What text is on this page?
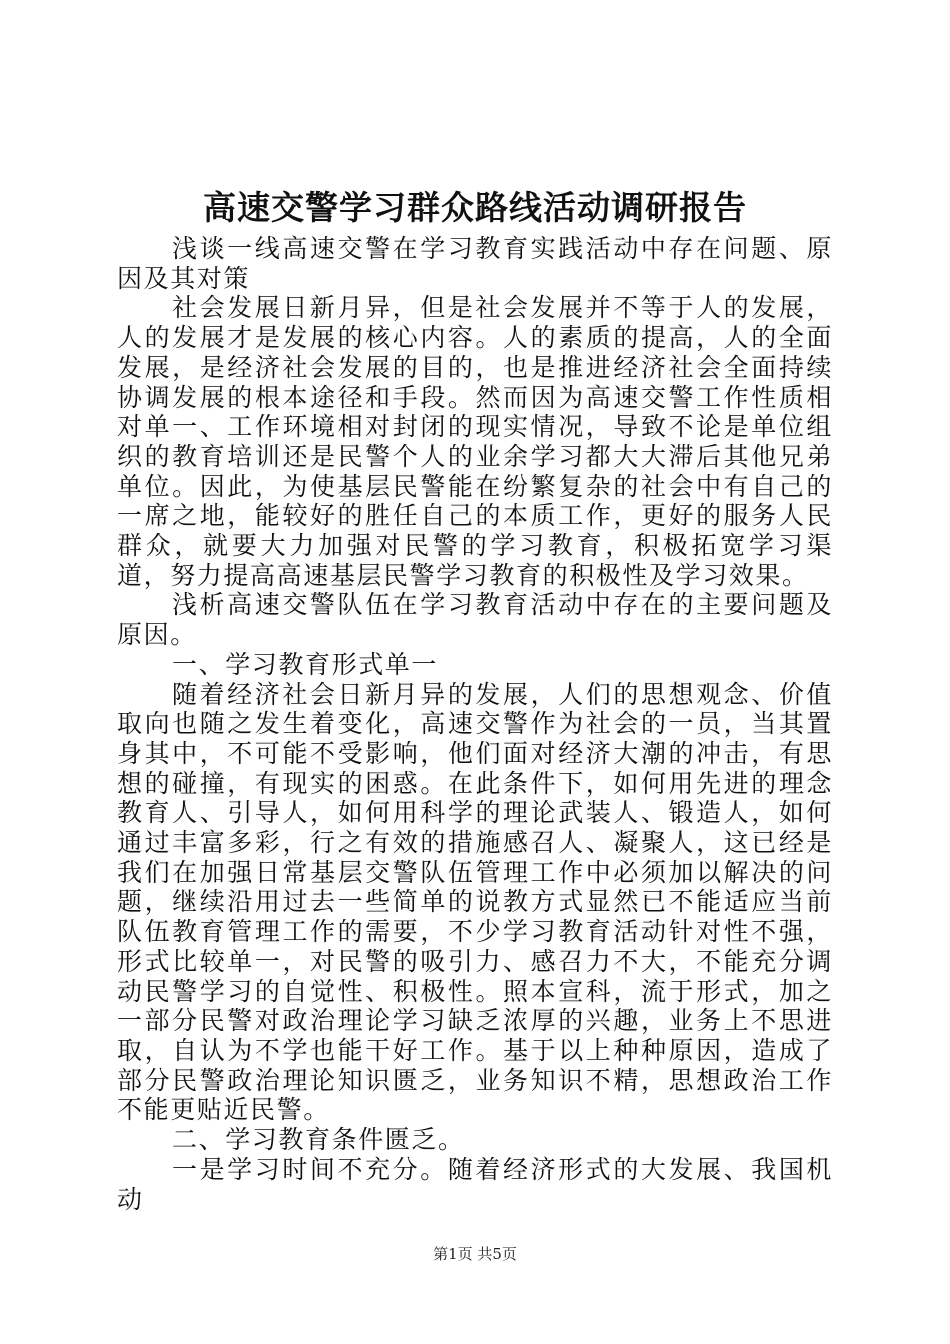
高速交警学习群众路线活动调研报告

浅谈一线高速交警在学习教育实践活动中存在问题、原因及其对策

社会发展日新月异，但是社会发展并不等于人的发展，人的发展才是发展的核心内容。人的素质的提高，人的全面发展，是经济社会发展的目的，也是推进经济社会全面持续协调发展的根本途径和手段。然而因为高速交警工作性质相对单一、工作环境相对封闭的现实情况，导致不论是单位组织的教育培训还是民警个人的业余学习都大大滞后其他兄弟单位。因此，为使基层民警能在纷繁复杂的社会中有自己的一席之地，能较好的胜任自己的本质工作，更好的服务人民群众，就要大力加强对民警的学习教育，积极拓宽学习渠道，努力提高高速基层民警学习教育的积极性及学习效果。

浅析高速交警队伍在学习教育活动中存在的主要问题及原因。

一、学习教育形式单一

随着经济社会日新月异的发展，人们的思想观念、价值取向也随之发生着变化，高速交警作为社会的一员，当其置身其中，不可能不受影响，他们面对经济大潮的冲击，有思想的碰撞，有现实的困惑。在此条件下，如何用先进的理念教育人、引导人，如何用科学的理论武装人、锻造人，如何通过丰富多彩，行之有效的措施感召人、凝聚人，这已经是我们在加强日常基层交警队伍管理工作中必须加以解决的问题，继续沿用过去一些简单的说教方式显然已不能适应当前队伍教育管理工作的需要，不少学习教育活动针对性不强，形式比较单一，对民警的吸引力、感召力不大，不能充分调动民警学习的自觉性、积极性。照本宣科，流于形式，加之一部分民警对政治理论学习缺乏浓厚的兴趣，业务上不思进取，自认为不学也能干好工作。基于以上种种原因，造成了部分民警政治理论知识匮乏，业务知识不精，思想政治工作不能更贴近民警。

二、学习教育条件匮乏。

一是学习时间不充分。随着经济形式的大发展、我国机动

第1页 共5页
